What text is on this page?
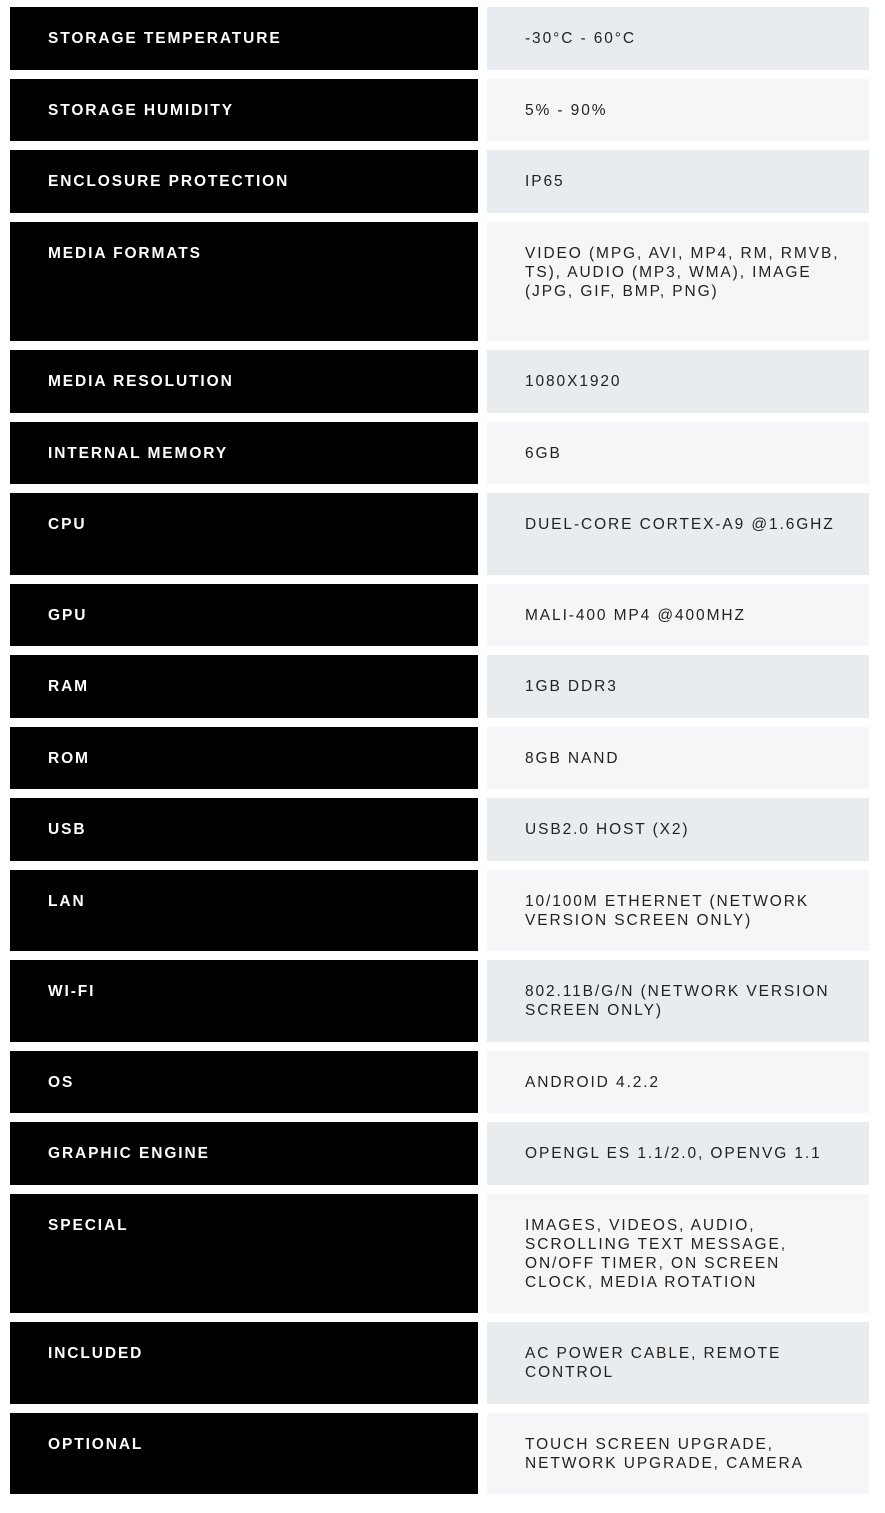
STORAGE TEMPERATURE	-30°C - 60°C
STORAGE HUMIDITY	5% - 90%
ENCLOSURE PROTECTION	IP65
MEDIA FORMATS	VIDEO (MPG, AVI, MP4, RM, RMVB, TS), AUDIO (MP3, WMA), IMAGE (JPG, GIF, BMP, PNG)
MEDIA RESOLUTION	1080X1920
INTERNAL MEMORY	6GB
CPU	DUEL-CORE CORTEX-A9 @1.6GHZ
GPU	MALI-400 MP4 @400MHZ
RAM	1GB DDR3
ROM	8GB NAND
USB	USB2.0 HOST (X2)
LAN	10/100M ETHERNET (NETWORK VERSION SCREEN ONLY)
WI-FI	802.11B/G/N (NETWORK VERSION SCREEN ONLY)
OS	ANDROID 4.2.2
GRAPHIC ENGINE	OPENGL ES 1.1/2.0, OPENVG 1.1
SPECIAL	IMAGES, VIDEOS, AUDIO, SCROLLING TEXT MESSAGE, ON/OFF TIMER, ON SCREEN CLOCK, MEDIA ROTATION
INCLUDED	AC POWER CABLE, REMOTE CONTROL
OPTIONAL	TOUCH SCREEN UPGRADE, NETWORK UPGRADE, CAMERA
